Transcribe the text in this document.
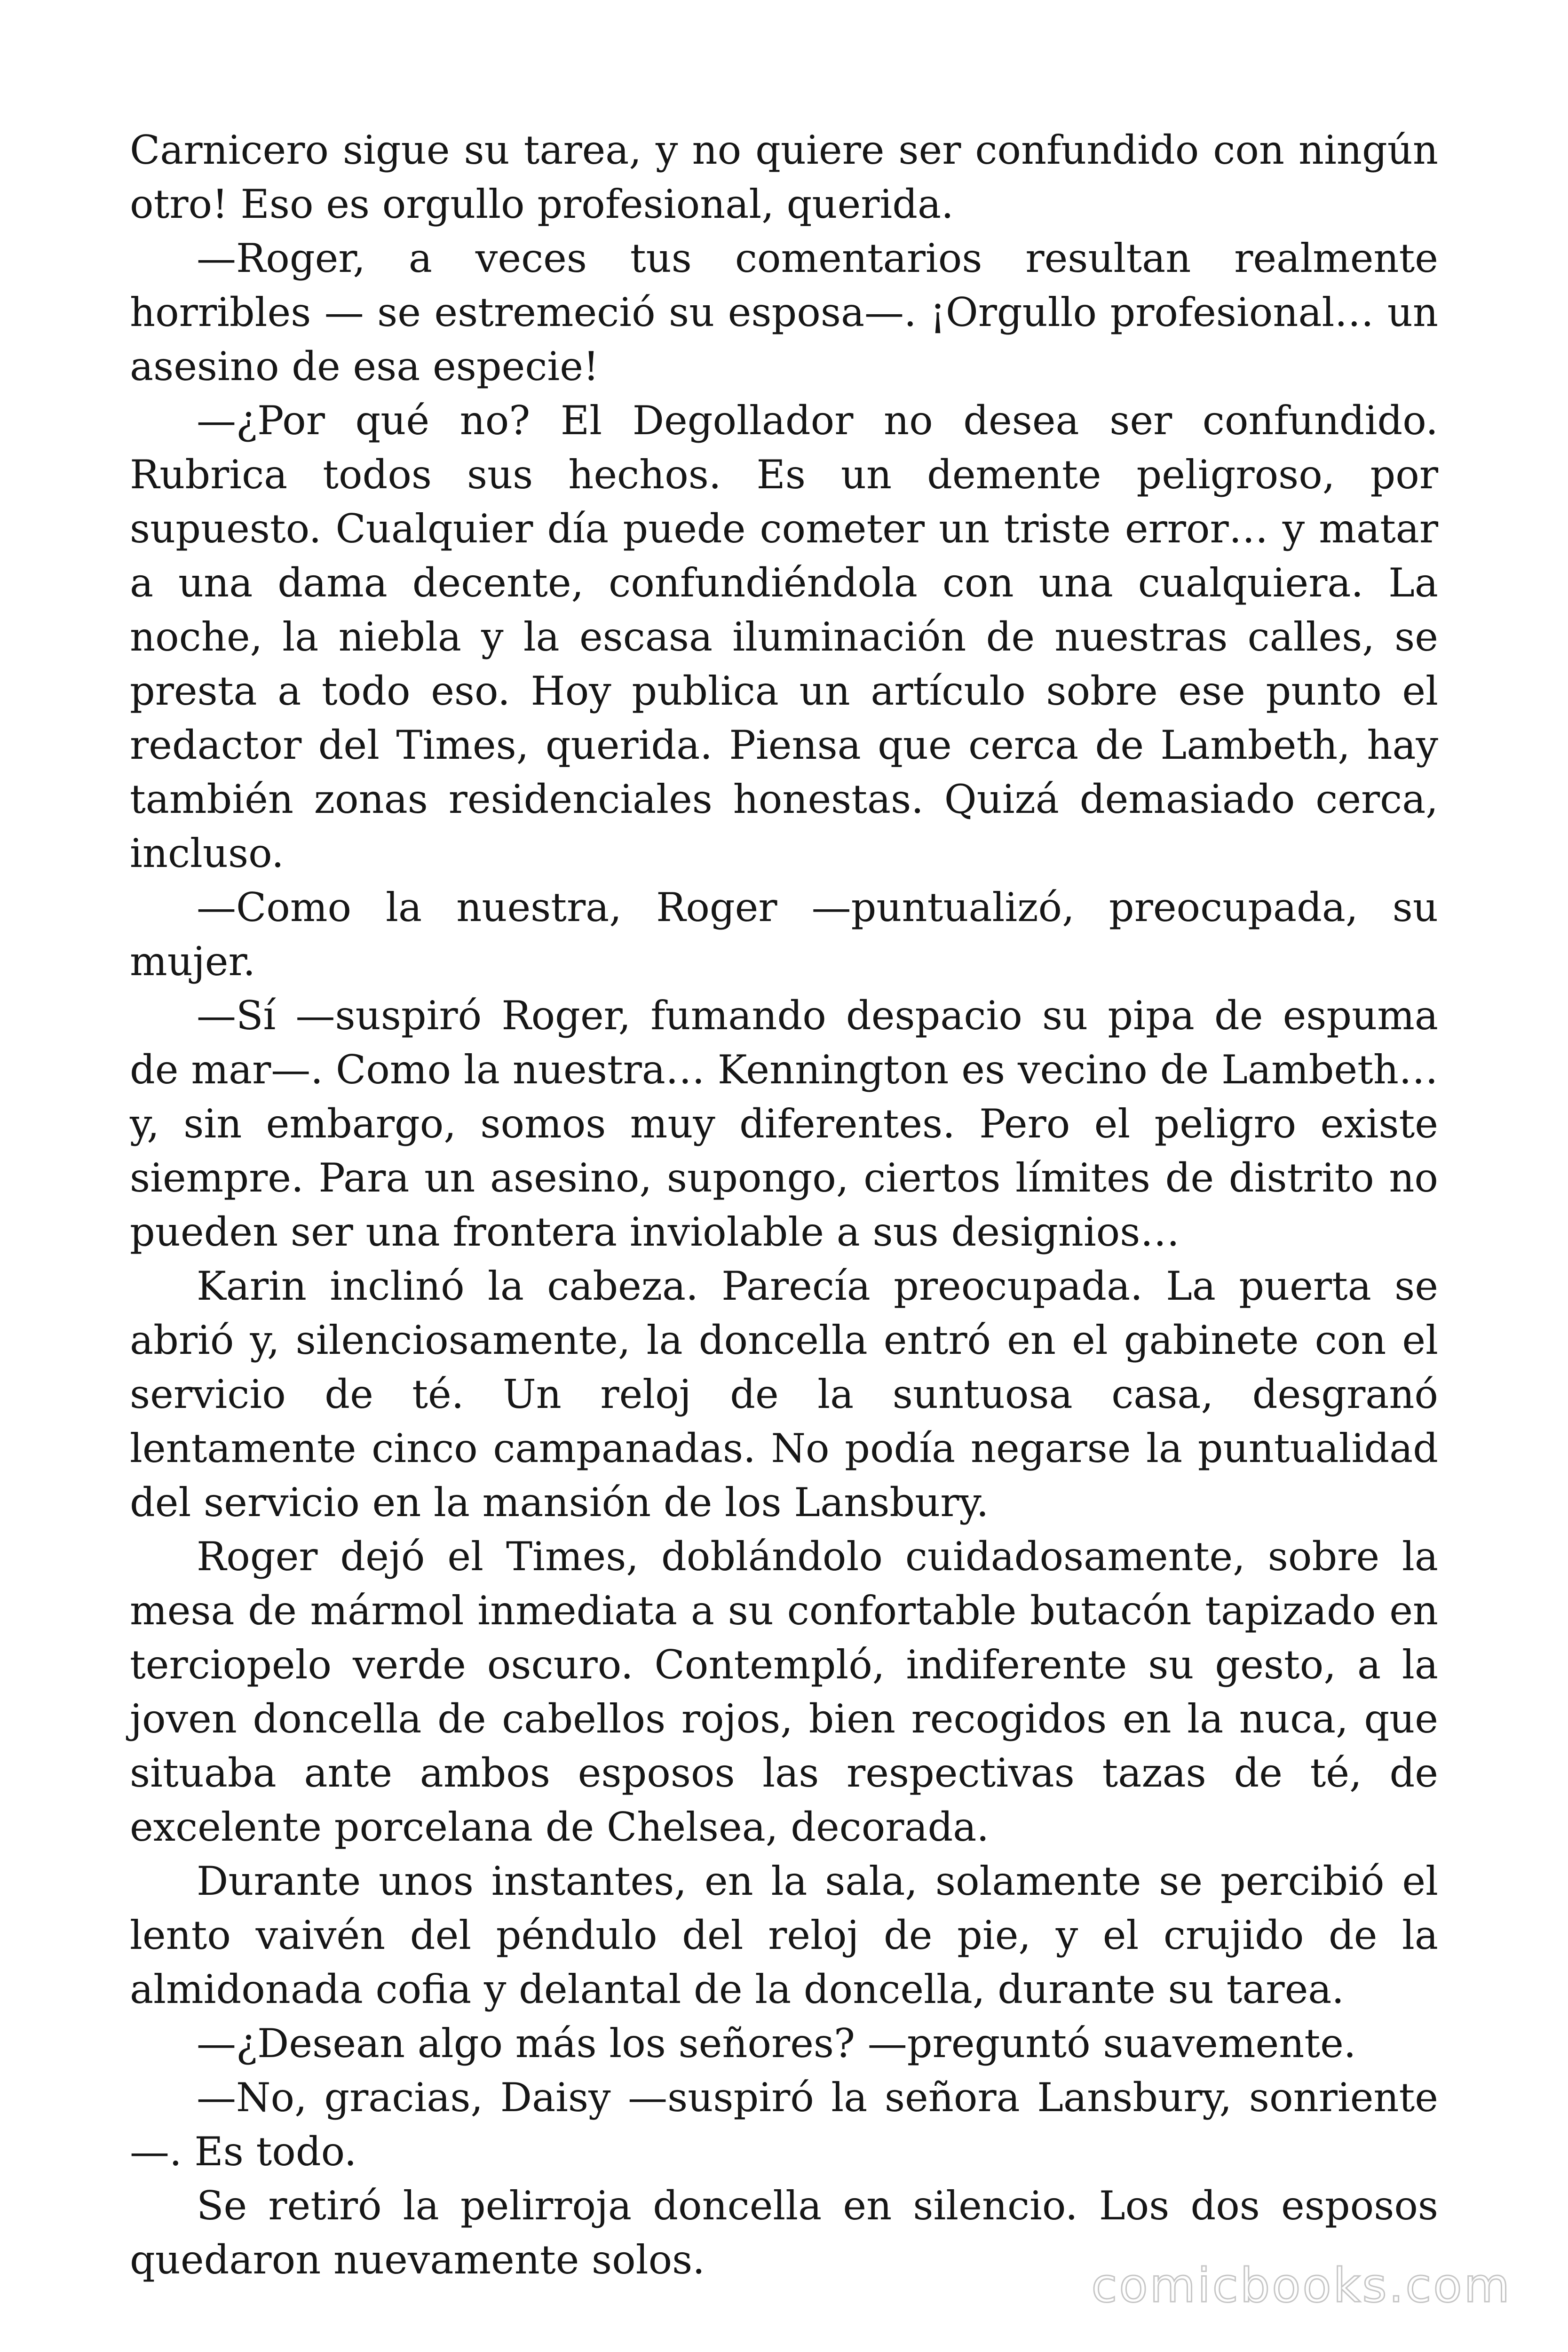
Carnicero sigue su tarea, y no quiere ser confundido con ningún otro! Eso es orgullo profesional, querida.

—Roger, a veces tus comentarios resultan realmente horribles — se estremeció su esposa—. ¡Orgullo profesional… un asesino de esa especie!

—¿Por qué no? El Degollador no desea ser confundido. Rubrica todos sus hechos. Es un demente peligroso, por supuesto. Cualquier día puede cometer un triste error… y matar a una dama decente, confundiéndola con una cualquiera. La noche, la niebla y la escasa iluminación de nuestras calles, se presta a todo eso. Hoy publica un artículo sobre ese punto el redactor del Times, querida. Piensa que cerca de Lambeth, hay también zonas residenciales honestas. Quizá demasiado cerca, incluso.

—Como la nuestra, Roger —puntualizó, preocupada, su mujer.

—Sí —suspiró Roger, fumando despacio su pipa de espuma de mar—. Como la nuestra… Kennington es vecino de Lambeth… y, sin embargo, somos muy diferentes. Pero el peligro existe siempre. Para un asesino, supongo, ciertos límites de distrito no pueden ser una frontera inviolable a sus designios…

Karin inclinó la cabeza. Parecía preocupada. La puerta se abrió y, silenciosamente, la doncella entró en el gabinete con el servicio de té. Un reloj de la suntuosa casa, desgranó lentamente cinco campanadas. No podía negarse la puntualidad del servicio en la mansión de los Lansbury.

Roger dejó el Times, doblándolo cuidadosamente, sobre la mesa de mármol inmediata a su confortable butacón tapizado en terciopelo verde oscuro. Contempló, indiferente su gesto, a la joven doncella de cabellos rojos, bien recogidos en la nuca, que situaba ante ambos esposos las respectivas tazas de té, de excelente porcelana de Chelsea, decorada.

Durante unos instantes, en la sala, solamente se percibió el lento vaivén del péndulo del reloj de pie, y el crujido de la almidonada cofia y delantal de la doncella, durante su tarea.

—¿Desean algo más los señores? —preguntó suavemente.

—No, gracias, Daisy —suspiró la señora Lansbury, sonriente—. Es todo.

Se retiró la pelirroja doncella en silencio. Los dos esposos quedaron nuevamente solos.	comicbooks.com
